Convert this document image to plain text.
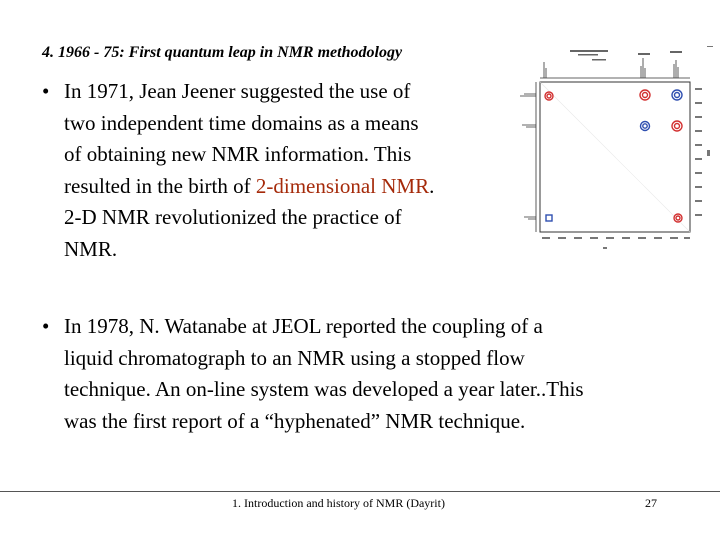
4. 1966 - 75: First quantum leap in NMR methodology
• In 1971, Jean Jeener suggested the use of
two independent time domains as a means
of obtaining new NMR information. This
resulted in the birth of 2-dimensional NMR.
2-D NMR revolutionized the practice of
NMR.
• In 1978, N. Watanabe at JEOL reported the coupling of a
liquid chromatograph to an NMR using a stopped flow
technique. An on-line system was developed a year later..This
was the first report of a “hyphenated” NMR technique.
1. Introduction and history of NMR (Dayrit)	27
